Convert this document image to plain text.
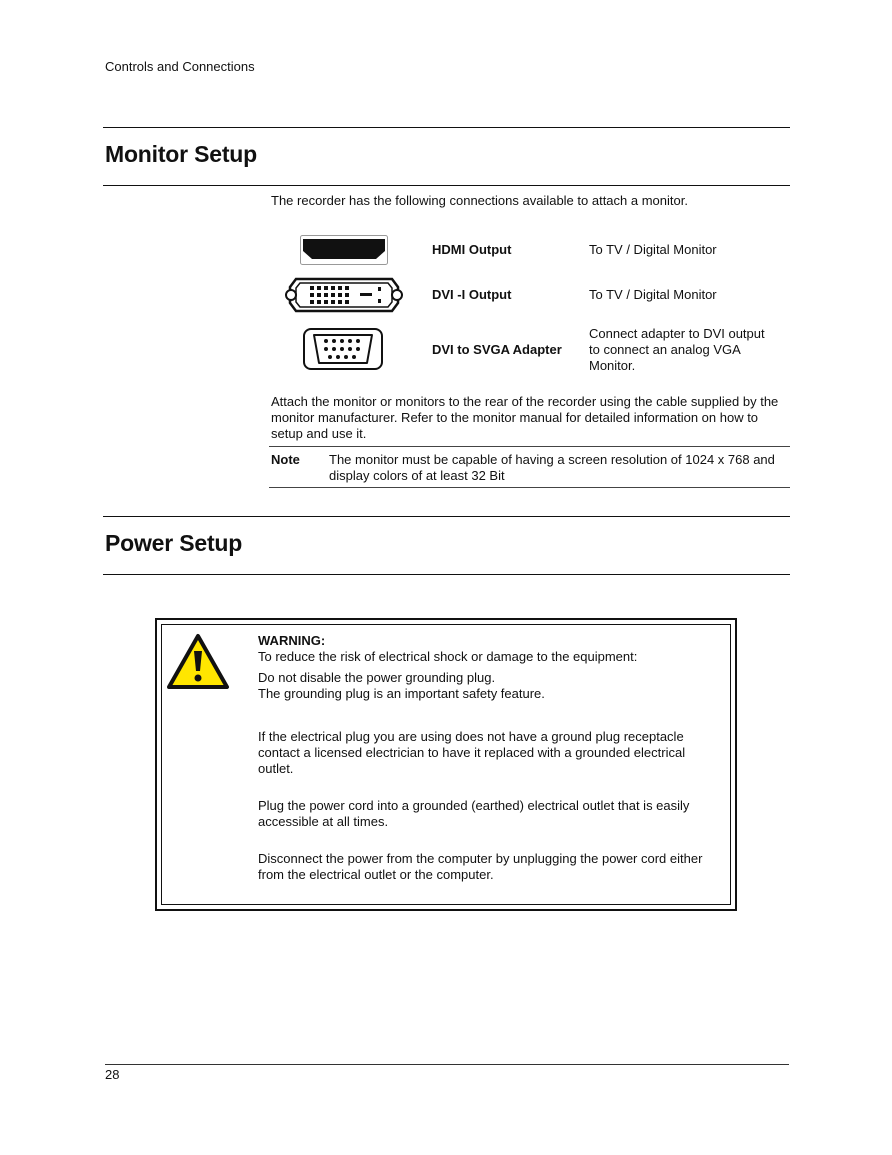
Controls and Connections
Monitor Setup
The recorder has the following connections available to attach a monitor.
HDMI Output	To TV / Digital Monitor
DVI -I Output	To TV / Digital Monitor
DVI to SVGA Adapter
Connect adapter to DVI output to connect an analog VGA Monitor.
Attach the monitor or monitors to the rear of the recorder using the cable supplied by the monitor manufacturer. Refer to the monitor manual for detailed information on how to setup and use it.
Note The monitor must be capable of having a screen resolution of 1024 x 768 and display colors of at least 32 Bit
Power Setup
WARNING:
To reduce the risk of electrical shock or damage to the equipment:
Do not disable the power grounding plug.
The grounding plug is an important safety feature.
If the electrical plug you are using does not have a ground plug receptacle contact a licensed electrician to have it replaced with a grounded electrical outlet.
Plug the power cord into a grounded (earthed) electrical outlet that is easily accessible at all times.
Disconnect the power from the computer by unplugging the power cord either from the electrical outlet or the computer.
28
